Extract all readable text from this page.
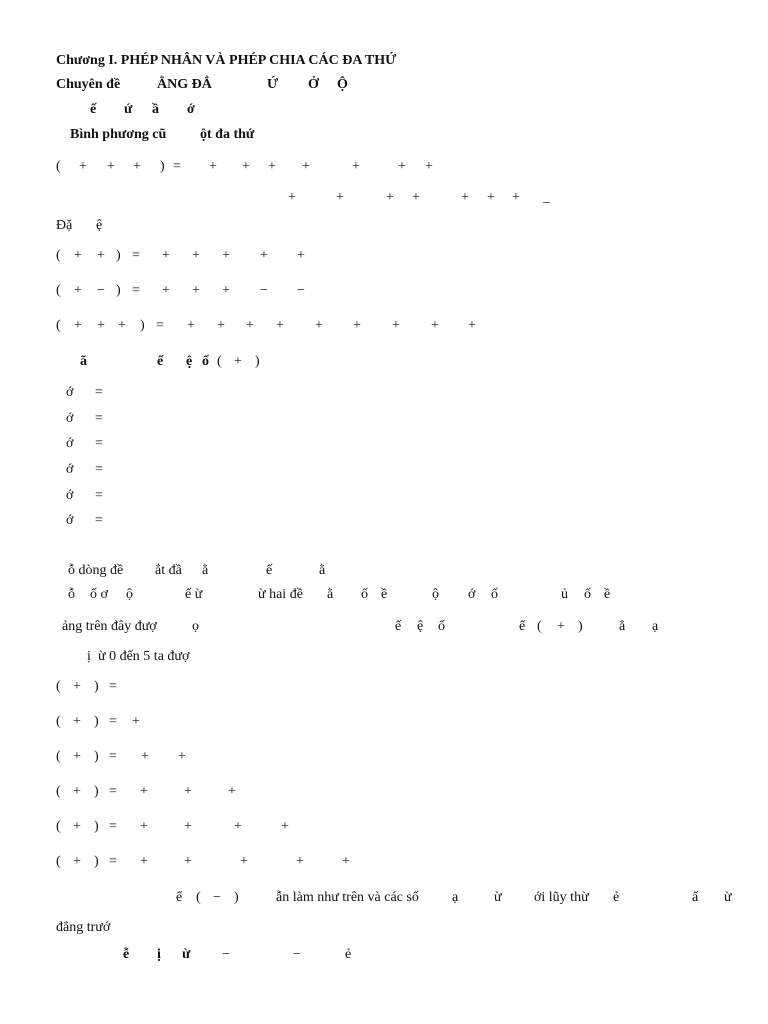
Chương I. PHÉP NHÂN VÀ PHÉP CHIA CÁC ĐA THỨ
Chuyên đề	ẰNG ĐẲ	Ứ Ở Ộ
ế ứ ầ ớ
Bình phương cũ ột đa thứ
( + + + ) = + + + +	+	+ +
+	+	+ +	+ + + _
Đặ ệ
( + + ) = + + + + +
( + − ) = + + + − −
( + + + ) = + + + + + + + + +
ã	ể ệ ố ( + )
ớ =
ớ =
ớ =
ớ =
ớ =
ớ =
ỗ dòng đề ắt đầ ằ	ế	ằ
ỗ ố ơ ộ	ế ừ	ừ hai đề ằ ố ề	ộ ớ ố	ủ ố ề
ảng trên đây đượ	ọ	ế ệ ố	ể ( + )	ẳ ạ
ị ừ 0 đến 5 ta đượ
( + ) =
( + ) = +
( + ) = + +
( + ) = +	+	+
( + ) = +	+	+	+
( + ) = +	+	+	+	+
ể ( − )	ẫn làm như trên và các số ạ	ừ ới lũy thừ ẻ	ấ ừ
đẳng trướ
ễ ị ừ −	−	ẻ
